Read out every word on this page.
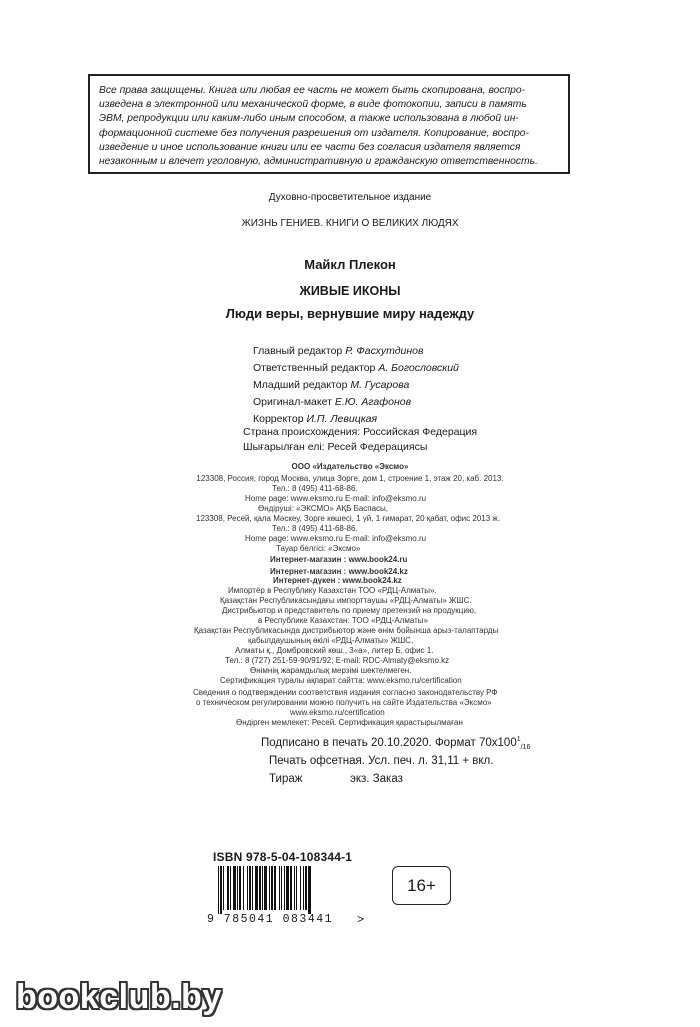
Все права защищены. Книга или любая ее часть не может быть скопирована, воспро-
изведена в электронной или механической форме, в виде фотокопии, записи в память
ЭВМ, репродукции или каким-либо иным способом, а также использована в любой ин-
формационной системе без получения разрешения от издателя. Копирование, воспро-
изведение и иное использование книги или ее части без согласия издателя является
незаконным и влечет уголовную, административную и гражданскую ответственность.
Духовно-просветительное издание
ЖИЗНЬ ГЕНИЕВ. КНИГИ О ВЕЛИКИХ ЛЮДЯХ
Майкл Плекон
ЖИВЫЕ ИКОНЫ
Люди веры, вернувшие миру надежду
Главный редактор Р. Фасхутдинов
Ответственный редактор А. Богословский
Младший редактор М. Гусарова
Оригинал-макет Е.Ю. Агафонов
Корректор И.П. Левицкая
Страна происхождения: Российская Федерация
Шығарылған елі: Ресей Федерациясы
ООО «Издательство «Эксмо»
123308, Россия, город Москва, улица Зорге, дом 1, строение 1, этаж 20, каб. 2013.
Тел.: 8 (495) 411-68-86.
Home page: www.eksmo.ru E-mail: info@eksmo.ru
Өндіруші: «ЭКСМО» АҚБ Баспасы,
123308, Ресей, қала Мәскеу, Зорге көшесі, 1 үй, 1 ғимарат, 20 қабат, офис 2013 ж.
Тел.: 8 (495) 411-68-86.
Home page: www.eksmo.ru E-mail: info@eksmo.ru
Тауар белгісі: «Эксмо»
Интернет-магазин : www.book24.ru
Интернет-магазин : www.book24.kz
Интернет-дүкен : www.book24.kz
Импортёр в Республику Казахстан ТОО «РДЦ-Алматы».
Қазақстан Республикасындағы импорттаушы «РДЦ-Алматы» ЖШС.
Дистрибьютор и представитель по приему претензий на продукцию,
в Республике Казахстан: ТОО «РДЦ-Алматы»
Қазақстан Республикасында дистрибьютор және өнім бойынша арыз-талаптарды
қабылдаушының өкілі «РДЦ-Алматы» ЖШС,
Алматы қ., Домбровский көш., 3«а», литер Б, офис 1.
Тел.: 8 (727) 251-59-90/91/92; E-mail: RDC-Almaty@eksmo.kz
Өнімнің жарамдылық мерзімі шектелмеген.
Сертификация туралы ақпарат сайтта: www.eksmo.ru/certification
Сведения о подтверждении соответствия издания согласно законодательству РФ
о техническом регулировании можно получить на сайте Издательства «Эксмо»
www.eksmo.ru/certification
Өндірген мемлекет: Ресей. Сертификация қарастырылмаған
Подписано в печать 20.10.2020. Формат $70x100^1_{/16}$
Печать офсетная. Усл. печ. л. 31,11 + вкл.
Тираж	экз. Заказ
ISBN 978-5-04-108344-1
9 785041 083441 >
16+
bookclub.by
